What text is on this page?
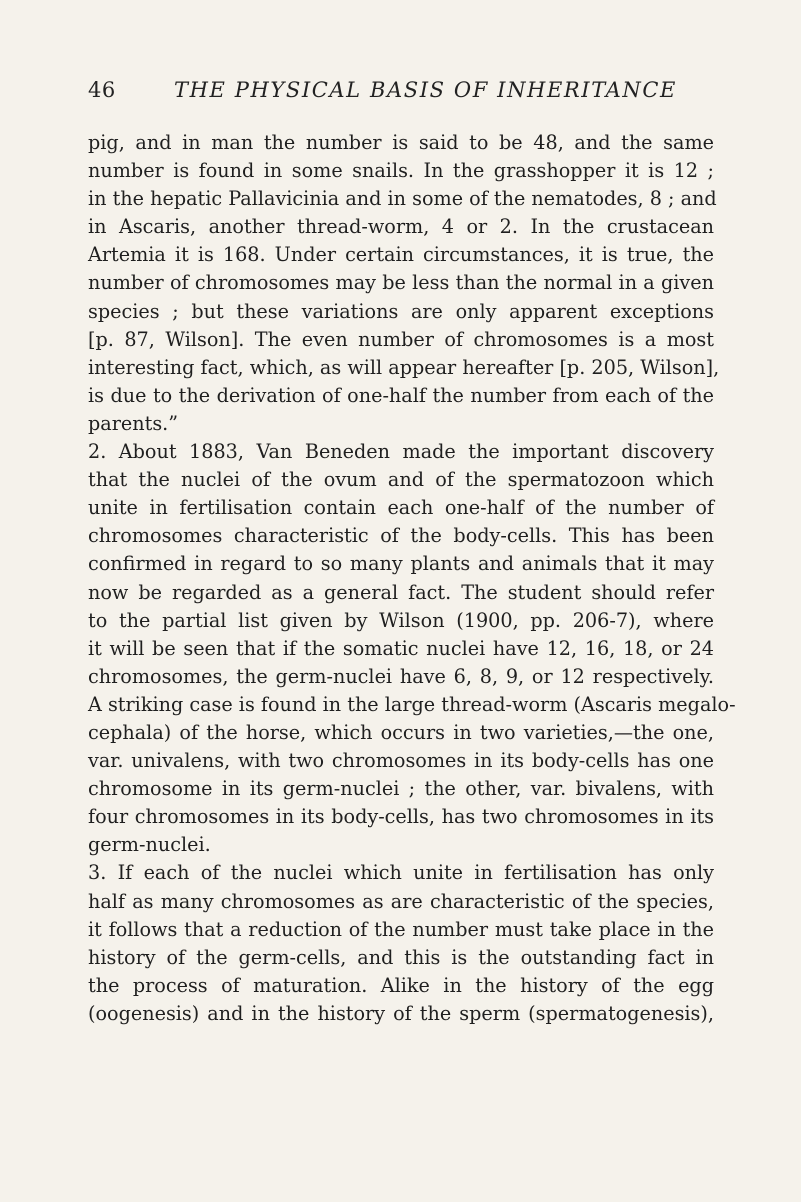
46	THE PHYSICAL BASIS OF INHERITANCE
pig, and in man the number is said to be 48, and the same
number is found in some snails. In the grasshopper it is 12 ;
in the hepatic Pallavicinia and in some of the nematodes, 8 ; and
in Ascaris, another thread-worm, 4 or 2. In the crustacean
Artemia it is 168. Under certain circumstances, it is true, the
number of chromosomes may be less than the normal in a given
species ; but these variations are only apparent exceptions
[p. 87, Wilson]. The even number of chromosomes is a most
interesting fact, which, as will appear hereafter [p. 205, Wilson],
is due to the derivation of one-half the number from each of the
parents.”
2. About 1883, Van Beneden made the important discovery
that the nuclei of the ovum and of the spermatozoon which
unite in fertilisation contain each one-half of the number of
chromosomes characteristic of the body-cells. This has been
confirmed in regard to so many plants and animals that it may
now be regarded as a general fact. The student should refer
to the partial list given by Wilson (1900, pp. 206-7), where
it will be seen that if the somatic nuclei have 12, 16, 18, or 24
chromosomes, the germ-nuclei have 6, 8, 9, or 12 respectively.
A striking case is found in the large thread-worm (Ascaris megalo-
cephala) of the horse, which occurs in two varieties,—the one,
var. univalens, with two chromosomes in its body-cells has one
chromosome in its germ-nuclei ; the other, var. bivalens, with
four chromosomes in its body-cells, has two chromosomes in its
germ-nuclei.
3. If each of the nuclei which unite in fertilisation has only
half as many chromosomes as are characteristic of the species,
it follows that a reduction of the number must take place in the
history of the germ-cells, and this is the outstanding fact in
the process of maturation. Alike in the history of the egg
(oogenesis) and in the history of the sperm (spermatogenesis),
